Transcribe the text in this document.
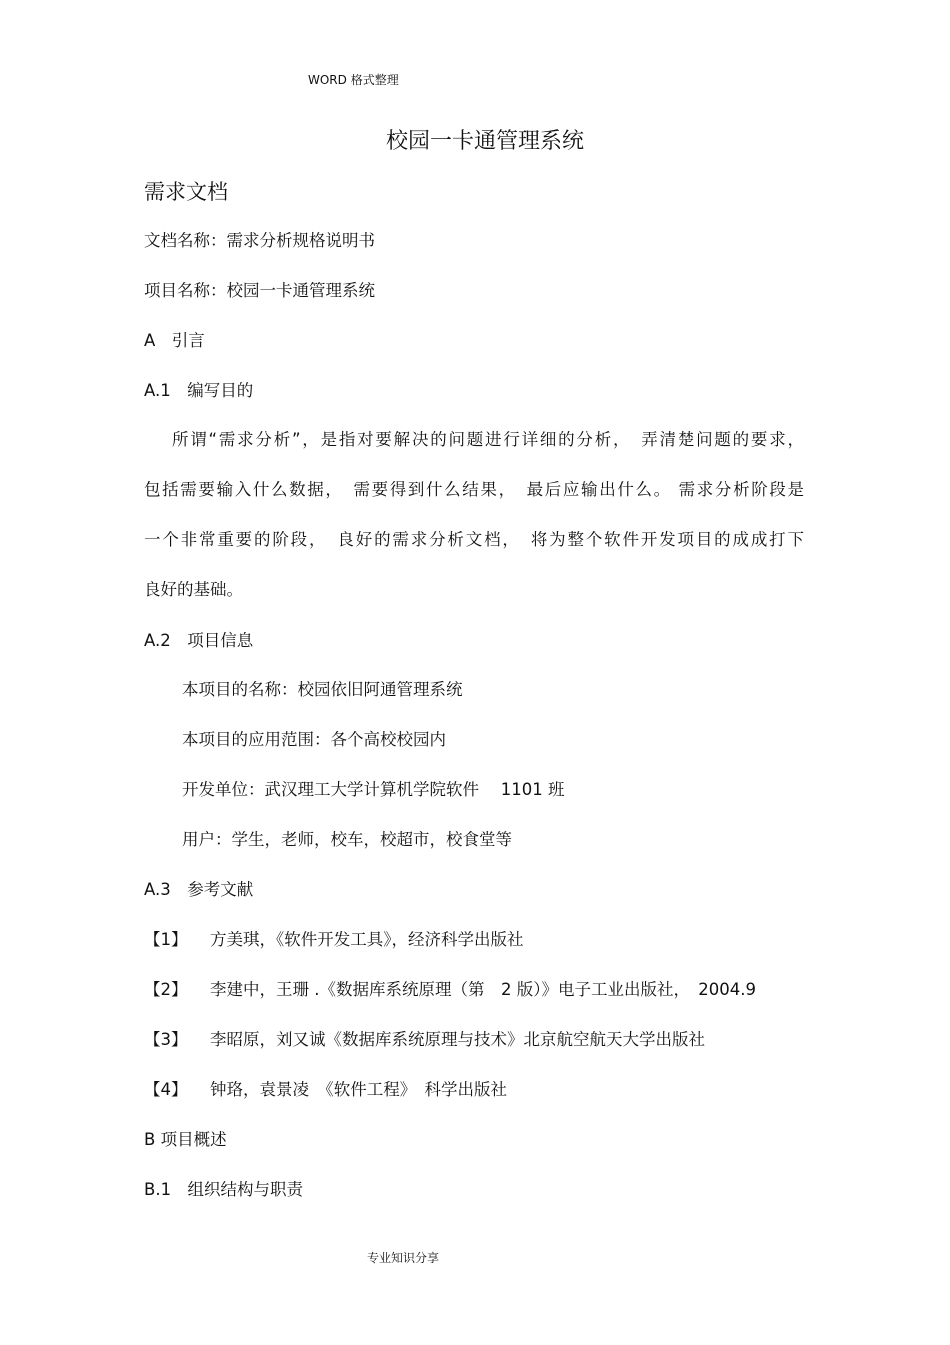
WORD 格式整理
校园一卡通管理系统
需求文档
文档名称：需求分析规格说明书
项目名称：校园一卡通管理系统
A　引言
A.1　编写目的
所谓“需求分析”，是指对要解决的问题进行详细的分析，　弄清楚问题的要求，
包括需要输入什么数据，　需要得到什么结果，　最后应输出什么。 需求分析阶段是
一个非常重要的阶段，　良好的需求分析文档，　将为整个软件开发项目的成成打下
良好的基础。
A.2　项目信息
本项目的名称：校园依旧阿通管理系统
本项目的应用范围：各个高校校园内
开发单位：武汉理工大学计算机学院软件　 1101 班
用户：学生，老师，校车，校超市，校食堂等
A.3　参考文献
【1】 方美琪，《软件开发工具》，经济科学出版社
【2】 李建中，王珊 .《数据库系统原理（第　2 版）》电子工业出版社，　2004.9
【3】 李昭原，刘又诚《数据库系统原理与技术》北京航空航天大学出版社
【4】 钟珞，袁景凌　《软件工程》　科学出版社
B 项目概述
B.1　组织结构与职责
专业知识分享
